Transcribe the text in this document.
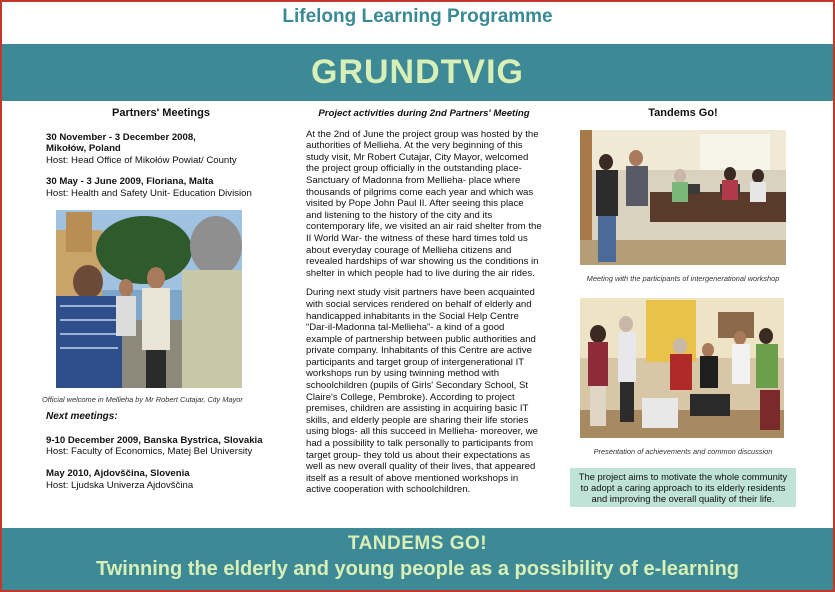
Lifelong Learning Programme
GRUNDTVIG
Partners' Meetings
30 November - 3 December 2008,
Mikołów, Poland
Host: Head Office of Mikołów Powiat/ County
30 May - 3 June 2009, Floriana, Malta
Host: Health and Safety Unit- Education Division
Official welcome in Mellieha by Mr Robert Cutajar, City Mayor
Next meetings:
9-10 December 2009, Banska Bystrica, Slovakia
Host: Faculty of Economics, Matej Bel University
May 2010, Ajdovščina, Slovenia
Host: Ljudska Univerza Ajdovščina
Project activities during 2nd Partners' Meeting
At the 2nd of June the project group was hosted by the authorities of Mellieha. At the very beginning of this study visit, Mr Robert Cutajar, City Mayor, welcomed the project group officially in the outstanding place- Sanctuary of Madonna from Mellieha- place where thousands of pilgrims come each year and which was visited by Pope John Paul II. After seeing this place and listening to the history of the city and its contemporary life, we visited an air raid shelter from the II World War- the witness of these hard times told us about everyday courage of Mellieha citizens and revealed hardships of war showing us the conditions in shelter in which people had to live during the air rides.
During next study visit partners have been acquainted with social services rendered on behalf of elderly and handicapped inhabitants in the Social Help Centre “Dar-il-Madonna tal-Mellieha”- a kind of a good example of partnership between public authorities and private company. Inhabitants of this Centre are active participants and target group of intergenerational IT workshops run by using twinning method with schoolchildren (pupils of Girls' Secondary School, St Claire's College, Pembroke). According to project premises, children are assisting in acquiring basic IT skills, and elderly people are sharing their life stories using blogs- all this succeed in Mellieha- moreover, we had a possibility to talk personally to participants from target group- they told us about their expectations as well as new overall quality of their lives, that appeared itself as a result of above mentioned workshops in active cooperation with schoolchildren.
Tandems Go!
Meeting with the participants of intergenerational workshop
Presentation of achievements and common discussion
The project aims to motivate the whole community to adopt a caring approach to its elderly residents and improving the overall quality of their life.
TANDEMS GO!
Twinning the elderly and young people as a possibility of e-learning
